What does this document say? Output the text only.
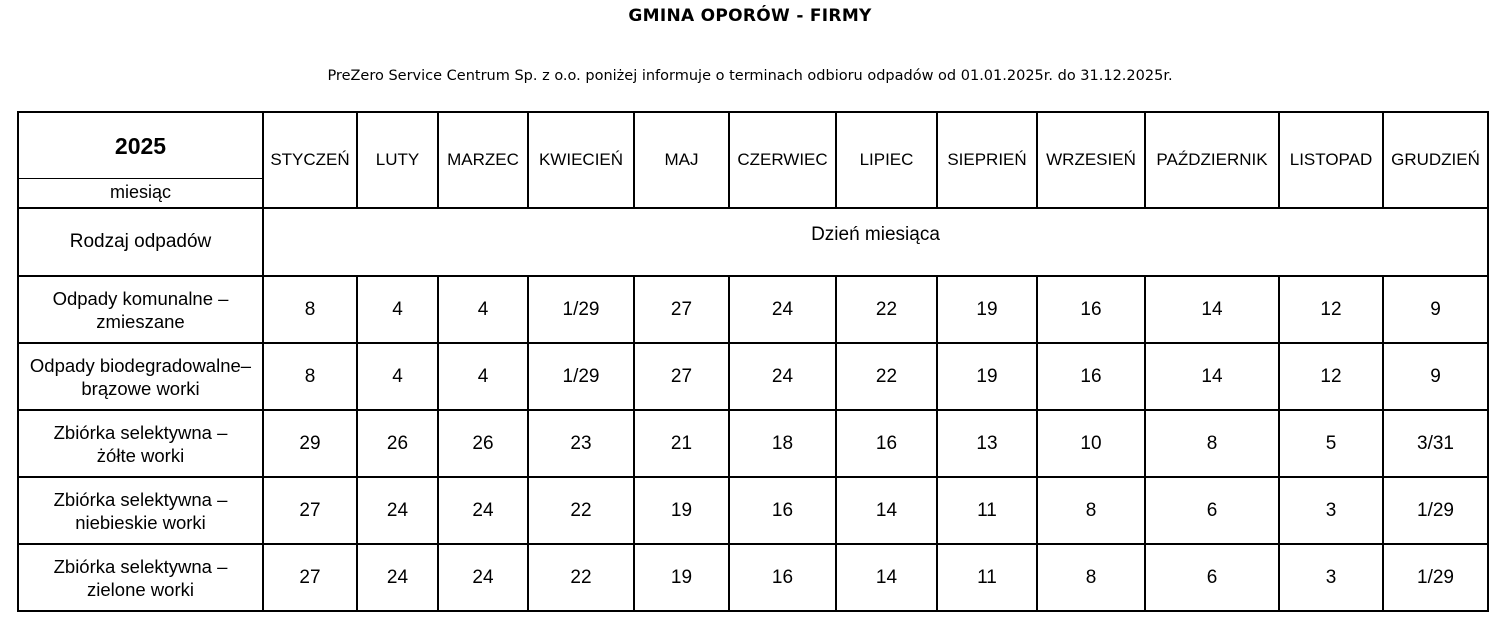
GMINA OPORÓW - FIRMY
PreZero Service Centrum Sp. z o.o. poniżej informuje o terminach odbioru odpadów od 01.01.2025r. do 31.12.2025r.
2025
miesiąc	STYCZEŃ	LUTY	MARZEC	KWIECIEŃ	MAJ	CZERWIEC	LIPIEC	SIEPRIEŃ	WRZESIEŃ	PAŹDZIERNIK	LISTOPAD	GRUDZIEŃ
Rodzaj odpadów	Dzień miesiąca											

Odpady komunalne –
zmieszane	8	4	4	1/29	27	24	22	19	16	14	12	9

Odpady biodegradowalne–
brązowe worki	8	4	4	1/29	27	24	22	19	16	14	12	9

Zbiórka selektywna –
żółte worki	29	26	26	23	21	18	16	13	10	8	5	3/31

Zbiórka selektywna –
niebieskie worki	27	24	24	22	19	16	14	11	8	6	3	1/29

Zbiórka selektywna –
zielone worki	27	24	24	22	19	16	14	11	8	6	3	1/29
